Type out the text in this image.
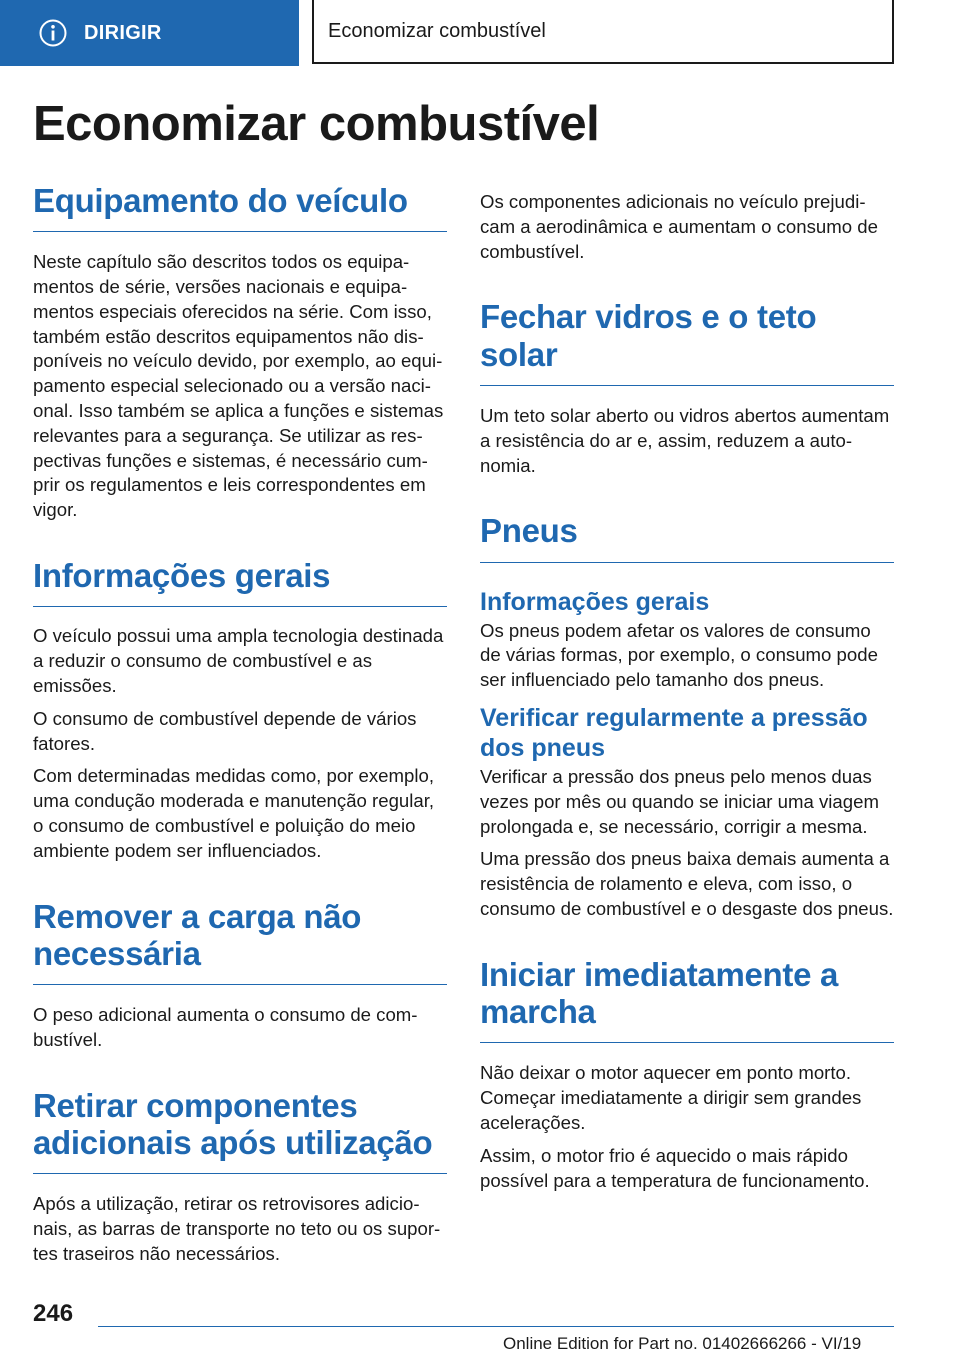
DIRIGIR	Economizar combustível
Economizar combustível
Equipamento do veículo

Neste capítulo são descritos todos os equipamentos de série, versões nacionais e equipamentos especiais oferecidos na série. Com isso, também estão descritos equipamentos não disponíveis no veículo devido, por exemplo, ao equipamento especial selecionado ou a versão nacional. Isso também se aplica a funções e sistemas relevantes para a segurança. Se utilizar as respectivas funções e sistemas, é necessário cumprir os regulamentos e leis correspondentes em vigor.

Informações gerais

O veículo possui uma ampla tecnologia destinada a reduzir o consumo de combustível e as emissões.

O consumo de combustível depende de vários fatores.

Com determinadas medidas como, por exemplo, uma condução moderada e manutenção regular, o consumo de combustível e poluição do meio ambiente podem ser influenciados.

Remover a carga não necessária

O peso adicional aumenta o consumo de combustível.

Retirar componentes adicionais após utilização

Após a utilização, retirar os retrovisores adicionais, as barras de transporte no teto ou os suportes traseiros não necessários.

Os componentes adicionais no veículo prejudicam a aerodinâmica e aumentam o consumo de combustível.

Fechar vidros e o teto solar

Um teto solar aberto ou vidros abertos aumentam a resistência do ar e, assim, reduzem a autonomia.

Pneus
Informações gerais

Os pneus podem afetar os valores de consumo de várias formas, por exemplo, o consumo pode ser influenciado pelo tamanho dos pneus.

Verificar regularmente a pressão dos pneus

Verificar a pressão dos pneus pelo menos duas vezes por mês ou quando se iniciar uma viagem prolongada e, se necessário, corrigir a mesma.

Uma pressão dos pneus baixa demais aumenta a resistência de rolamento e eleva, com isso, o consumo de combustível e o desgaste dos pneus.

Iniciar imediatamente a marcha

Não deixar o motor aquecer em ponto morto. Começar imediatamente a dirigir sem grandes acelerações.

Assim, o motor frio é aquecido o mais rápido possível para a temperatura de funcionamento.

246
Online Edition for Part no. 01402666266 - VI/19
